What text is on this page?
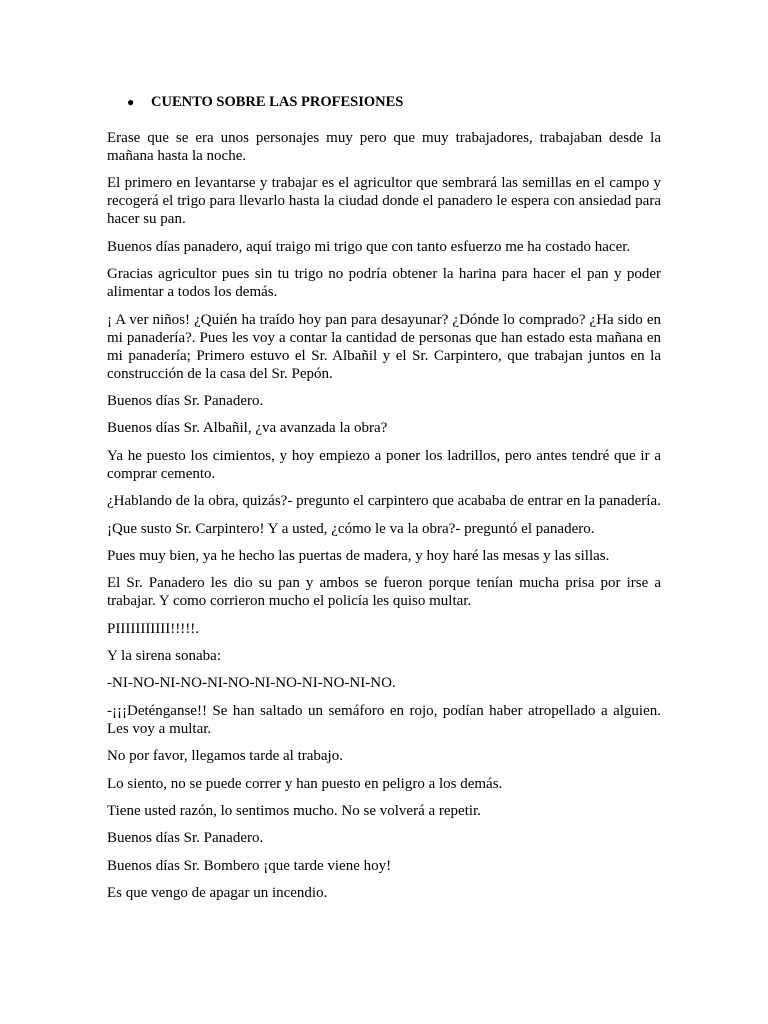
●	CUENTO SOBRE LAS PROFESIONES

Erase que se era unos personajes muy pero que muy trabajadores, trabajaban desde la mañana hasta la noche.

El primero en levantarse y trabajar es el agricultor que sembrará las semillas en el campo y recogerá el trigo para llevarlo hasta la ciudad donde el panadero le espera con ansiedad para hacer su pan.

Buenos días panadero, aquí traigo mi trigo que con tanto esfuerzo me ha costado hacer.

Gracias agricultor pues sin tu trigo no podría obtener la harina para hacer el pan y poder alimentar a todos los demás.

¡ A ver niños! ¿Quién ha traído hoy pan para desayunar? ¿Dónde lo comprado? ¿Ha sido en mi panadería?. Pues les voy a contar la cantidad de personas que han estado esta mañana en mi panadería; Primero estuvo el Sr. Albañil y el Sr. Carpintero, que trabajan juntos en la construcción de la casa del Sr. Pepón.

Buenos días Sr. Panadero.

Buenos días Sr. Albañil, ¿va avanzada la obra?

Ya he puesto los cimientos, y hoy empiezo a poner los ladrillos, pero antes tendré que ir a comprar cemento.

¿Hablando de la obra, quizás?- pregunto el carpintero que acababa de entrar en la panadería.

¡Que susto Sr. Carpintero! Y a usted, ¿cómo le va la obra?- preguntó el panadero.

Pues muy bien, ya he hecho las puertas de madera, y hoy haré las mesas y las sillas.

El Sr. Panadero les dio su pan y ambos se fueron porque tenían mucha prisa por irse a trabajar. Y como corrieron mucho el policía les quiso multar.

PIIIIIIIIIII!!!!!.

Y la sirena sonaba:

-NI-NO-NI-NO-NI-NO-NI-NO-NI-NO-NI-NO.

-¡¡¡Deténganse!! Se han saltado un semáforo en rojo, podían haber atropellado a alguien. Les voy a multar.

No por favor, llegamos tarde al trabajo.

Lo siento, no se puede correr y han puesto en peligro a los demás.

Tiene usted razón, lo sentimos mucho. No se volverá a repetir.

Buenos días Sr. Panadero.

Buenos días Sr. Bombero ¡que tarde viene hoy!

Es que vengo de apagar un incendio.
